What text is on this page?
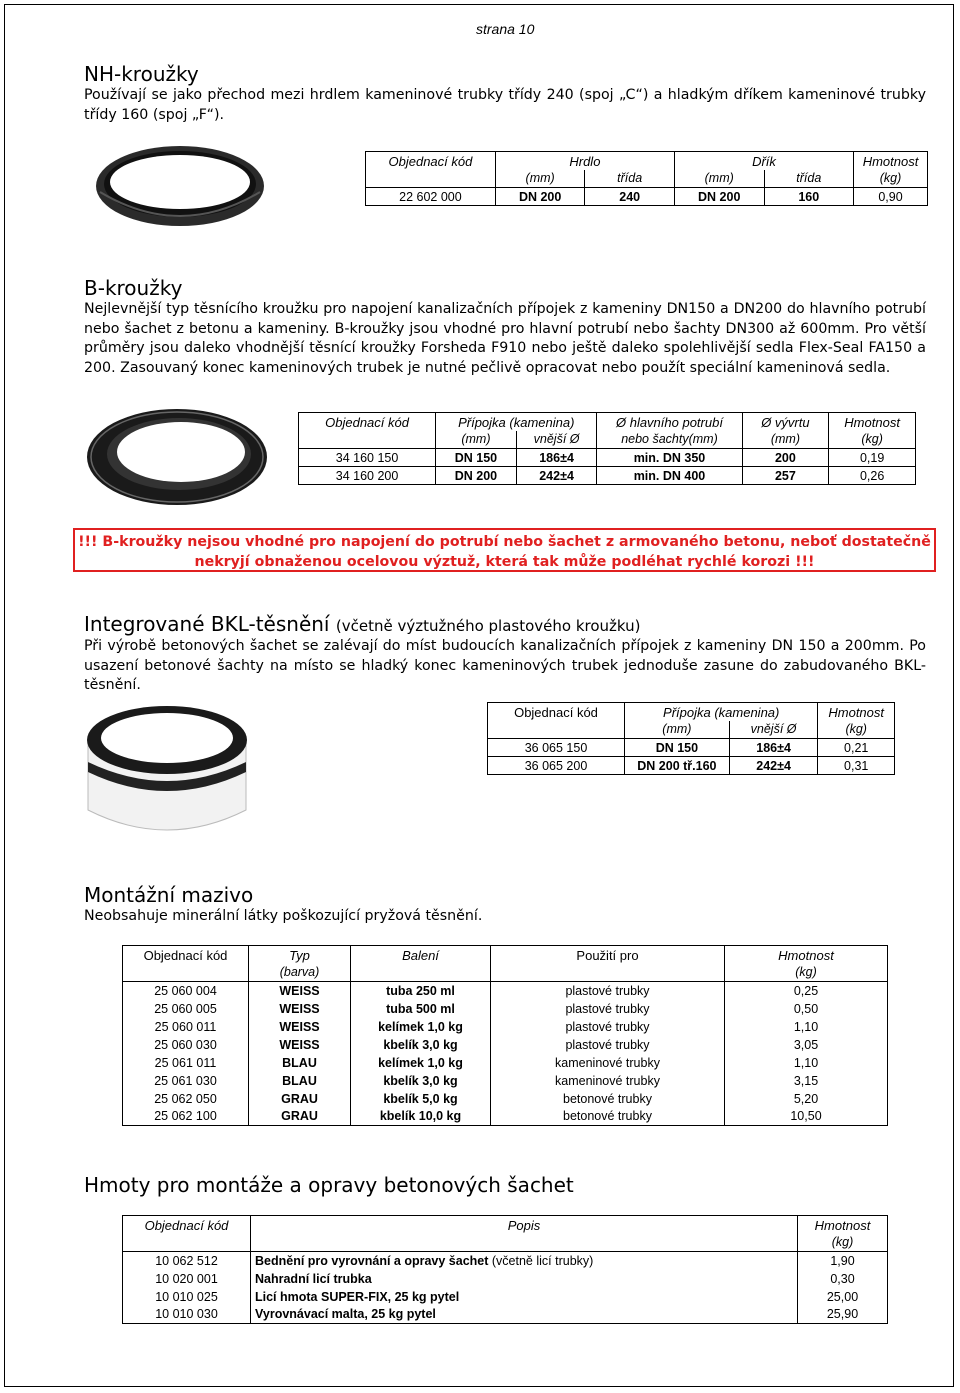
strana 10
NH-kroužky
Používají se jako přechod mezi hrdlem kameninové trubky třídy 240 (spoj „C“) a hladkým dříkem kameninové trubky třídy 160 (spoj „F“).
Objednací kód	Hrdlo		Dřík		Hmotnost
	(mm)	třída	(mm)	třída	(kg)
22 602 000	DN 200	240	DN 200	160	0,90
B-kroužky
Nejlevnější typ těsnícího kroužku pro napojení kanalizačních přípojek z kameniny DN150 a DN200 do hlavního potrubí nebo šachet z betonu a kameniny. B-kroužky jsou vhodné pro hlavní potrubí nebo šachty DN300 až 600mm. Pro větší průměry jsou daleko vhodnější těsnící kroužky Forsheda F910 nebo ještě daleko spolehlivější sedla Flex-Seal FA150 a 200. Zasouvaný konec kameninových trubek je nutné pečlivě opracovat nebo použít speciální kameninová sedla.
Objednací kód	Přípojka (kamenina)		Ø hlavního potrubí	Ø vývrtu	Hmotnost
	(mm)	vnější Ø	nebo šachty(mm)	(mm)	(kg)
34 160 150	DN 150	186±4	min. DN 350	200	0,19
34 160 200	DN 200	242±4	min. DN 400	257	0,26
!!! B-kroužky nejsou vhodné pro napojení do potrubí nebo šachet z armovaného betonu, neboť dostatečně nekryjí obnaženou ocelovou výztuž, která tak může podléhat rychlé korozi !!!
Integrované BKL-těsnění (včetně výztužného plastového kroužku)
Při výrobě betonových šachet se zalévají do míst budoucích kanalizačních přípojek z kameniny DN 150 a 200mm. Po usazení betonové šachty na místo se hladký konec kameninových trubek jednoduše zasune do zabudovaného BKL-těsnění.
Objednací kód	Přípojka (kamenina)		Hmotnost
	(mm)	vnější Ø	(kg)
36 065 150	DN 150	186±4	0,21
36 065 200	DN 200 tř.160	242±4	0,31
Montážní mazivo
Neobsahuje minerální látky poškozující pryžová těsnění.
Objednací kód	Typ	Balení	Použití pro	Hmotnost
	(barva)			(kg)
25 060 004	WEISS	tuba 250 ml	plastové trubky	0,25
25 060 005	WEISS	tuba 500 ml	plastové trubky	0,50
25 060 011	WEISS	kelímek 1,0 kg	plastové trubky	1,10
25 060 030	WEISS	kbelík 3,0 kg	plastové trubky	3,05
25 061 011	BLAU	kelímek 1,0 kg	kameninové trubky	1,10
25 061 030	BLAU	kbelík 3,0 kg	kameninové trubky	3,15
25 062 050	GRAU	kbelík 5,0 kg	betonové trubky	5,20
25 062 100	GRAU	kbelík 10,0 kg	betonové trubky	10,50
Hmoty pro montáže a opravy betonových šachet
Objednací kód	Popis	Hmotnost
		(kg)
10 062 512	Bednění pro vyrovnání a opravy šachet (včetně licí trubky)	1,90
10 020 001	Nahradní licí trubka	0,30
10 010 025	Licí hmota SUPER-FIX, 25 kg pytel	25,00
10 010 030	Vyrovnávací malta, 25 kg pytel	25,90
